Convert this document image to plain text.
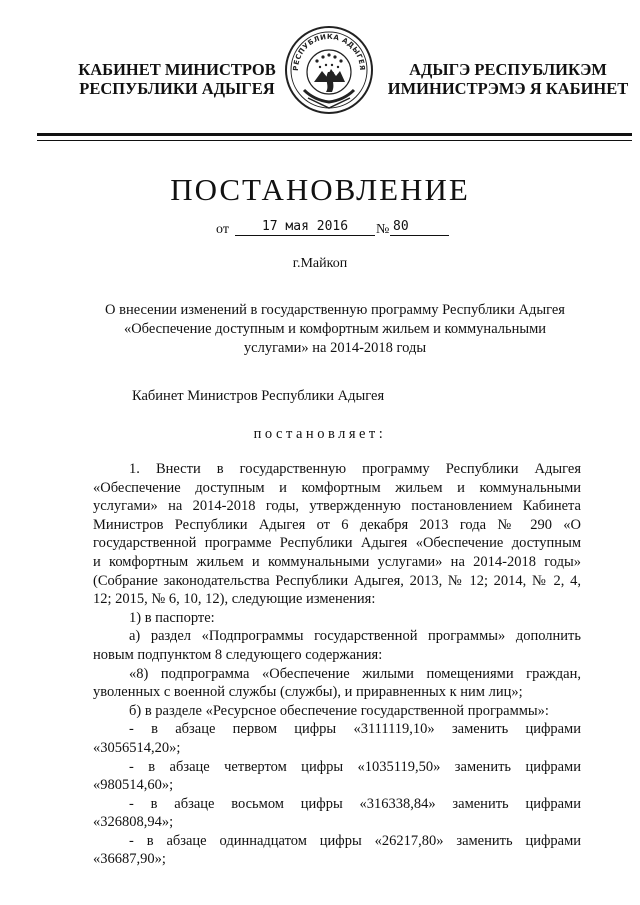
КАБИНЕТ МИНИСТРОВ
РЕСПУБЛИКИ АДЫГЕЯ
РЕСПУБЛИКА АДЫГЕЯ	АДЫГЭ РЕСПУБЛИКЭМ
ИМИНИСТРЭМЭ Я КАБИНЕТ
ПОСТАНОВЛЕНИЕ
от	17 мая 2016	№ 80
г.Майкоп
О внесении изменений в государственную программу Республики Адыгея
«Обеспечение доступным и комфортным жильем и коммунальными
услугами» на 2014-2018 годы
Кабинет Министров Республики Адыгея
постановляет:
1. Внести в государственную программу Республики Адыгея
«Обеспечение доступным и комфортным жильем и коммунальными
услугами» на 2014-2018 годы, утвержденную постановлением Кабинета
Министров Республики Адыгея от 6 декабря 2013 года № 290 «О
государственной программе Республики Адыгея «Обеспечение доступным
и комфортным жильем и коммунальными услугами» на 2014-2018 годы»
(Собрание законодательства Республики Адыгея, 2013, № 12; 2014, № 2, 4,
12; 2015, № 6, 10, 12), следующие изменения:
1) в паспорте:
а) раздел «Подпрограммы государственной программы» дополнить
новым подпунктом 8 следующего содержания:
«8) подпрограмма «Обеспечение жилыми помещениями граждан,
уволенных с военной службы (службы), и приравненных к ним лиц»;
б) в разделе «Ресурсное обеспечение государственной программы»:
- в абзаце первом цифры «3111119,10» заменить цифрами
«3056514,20»;
- в абзаце четвертом цифры «1035119,50» заменить цифрами
«980514,60»;
- в абзаце восьмом цифры «316338,84» заменить цифрами
«326808,94»;
- в абзаце одиннадцатом цифры «26217,80» заменить цифрами
«36687,90»;
